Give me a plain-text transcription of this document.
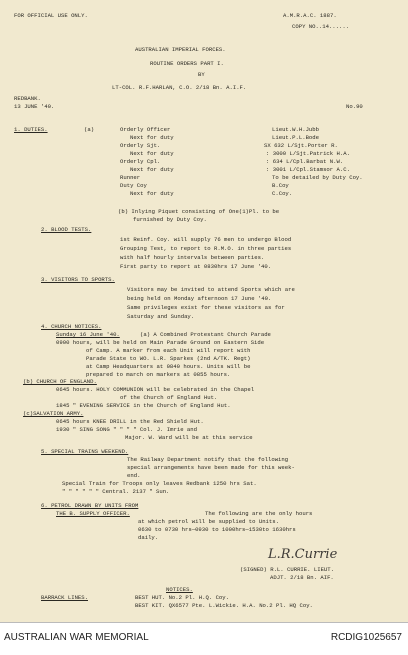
FOR OFFICIAL USE ONLY.	A.M.R.A.C. 1887.
COPY NO..14......
AUSTRALIAN IMPERIAL FORCES.
ROUTINE ORDERS PART I.
BY
LT-COL. R.F.HARLAN, C.O. 2/18 Bn. A.I.F.
REDBANK.
13 JUNE '40.	No.90
1. DUTIES.	(a)	Orderly Officer	Lieut.W.H.Jubb
Next for duty	Lieut.P.L.Bode
Orderly Sjt.	SX 632 L/Sjt.Porter R.
Next for duty	: 3000 L/Sjt.Patrick H.A.
Orderly Cpl.	: 634 L/Cpl.Barbat N.W.
Next for duty	: 3001 L/Cpl.Stamsor A.C.
Runner	To be detailed by Duty Coy.
Duty Coy	B.Coy
Next for duty	C.Coy.
(b) Inlying Piquet consisting of One(1)Pl. to be
furnished by Duty Coy.
2. BLOOD TESTS.
1st Reinf. Coy. will supply 76 men to undergo Blood
Grouping Test, to report to R.M.O. in three parties
with half hourly intervals between parties.
First party to report at 0830hrs 17 June '40.
3. VISITORS TO SPORTS.
Visitors may be invited to attend Sports which are
being held on Monday afternoon 17 June '40.
Same privileges exist for these visitors as for
Saturday and Sunday.
4. CHURCH NOTICES.
Sunday 16 June '40.	(a) A Combined Protestant Church Parade
0900 hours, will be held on Main Parade Ground on Eastern Side
of Camp. A marker from each Unit will report with
Parade State to WO. L.R. Sparkes (2nd A/TK. Regt)
at Camp Headquarters at 0840 hours. Units will be
prepared to march on markers at 0855 hours.
(b) CHURCH OF ENGLAND.
0645 hours. HOLY COMMUNION will be celebrated in the Chapel
of the Church of England Hut.
1845 " EVENING SERVICE in the Church of England Hut.
(c)SALVATION ARMY.
0645 hours KNEE DRILL in the Red Shield Hut.
1930 " SING SONG " " " " Col. J. Imrie and
Major. W. Ward will be at this service
5. SPECIAL TRAINS WEEKEND.
The Railway Department notify that the following
special arrangements have been made for this week-
end.
Special Train for Troops only leaves Redbank 1250 hrs Sat.
" " " " " " Central. 2137 " Sun.
6. PETROL DRAWN BY UNITS FROM
THE B. SUPPLY OFFICER.	The following are the only hours
at which petrol will be supplied to Units.
0630 to 0730 hrs—0930 to 1000hrs—1530to 1630hrs
daily.
L.R.Currie
(SIGNED) R.L. CURRIE. LIEUT.
ADJT. 2/18 Bn. AIF.
NOTICES.
BARRACK LINES.	BEST HUT. No.2 Pl. H.Q. Coy.
BEST KIT. QX6577 Pte. L.Wickie. H.A. No.2 Pl. HQ Coy.
AUSTRALIAN WAR MEMORIAL	RCDIG1025657
